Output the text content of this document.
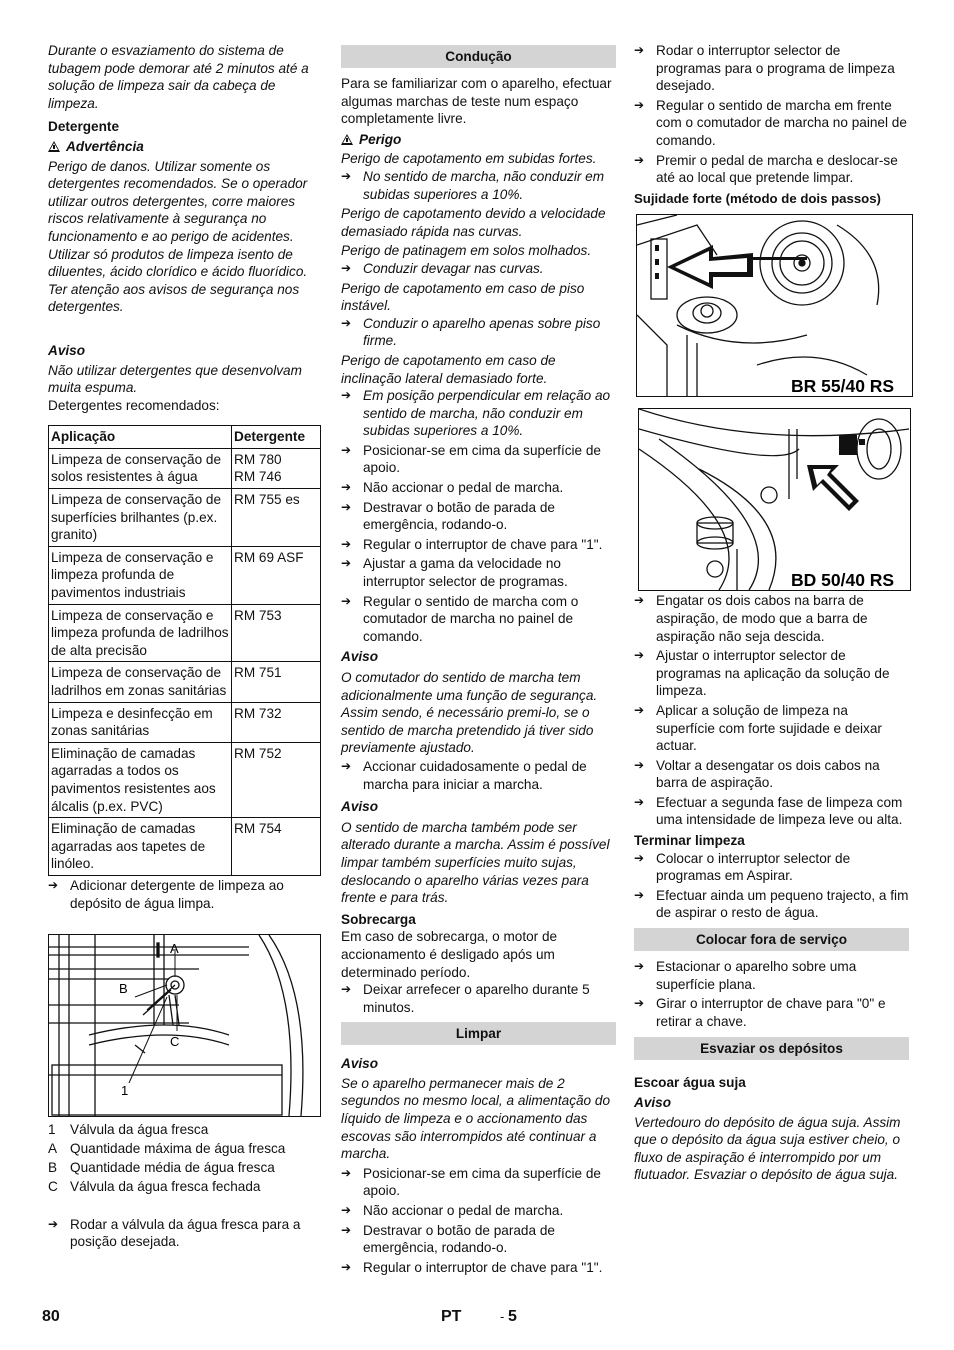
Durante o esvaziamento do sistema de tubagem pode demorar até 2 minutos até a solução de limpeza sair da cabeça de limpeza.

Detergente

Advertência

Perigo de danos. Utilizar somente os detergentes recomendados. Se o operador utilizar outros detergentes, corre maiores riscos relativamente à segurança no funcionamento e ao perigo de acidentes. Utilizar só produtos de limpeza isento de diluentes, ácido clorídico e ácido fluorídico. Ter atenção aos avisos de segurança nos detergentes.

Aviso

Não utilizar detergentes que desenvolvam muita espuma.

Detergentes recomendados:

Aplicação	Detergente
Limpeza de conservação de solos resistentes à água	RM 780
RM 746
Limpeza de conservação de superfícies brilhantes (p.ex. granito)	RM 755 es
Limpeza de conservação e limpeza profunda de pavimentos industriais	RM 69 ASF
Limpeza de conservação e limpeza profunda de ladrilhos de alta precisão	RM 753
Limpeza de conservação de ladrilhos em zonas sanitárias	RM 751
Limpeza e desinfecção em zonas sanitárias	RM 732
Eliminação de camadas agarradas a todos os pavimentos resistentes aos álcalis (p.ex. PVC)	RM 752
Eliminação de camadas agarradas aos tapetes de linóleo.	RM 754

➔ Adicionar detergente de limpeza ao depósito de água limpa.

A
B
C
1
1	Válvula da água fresca
A Quantidade máxima de água fresca
B Quantidade média de água fresca
C Válvula da água fresca fechada

➔ Rodar a válvula da água fresca para a posição desejada.

Condução

Para se familiarizar com o aparelho, efectuar algumas marchas de teste num espaço completamente livre.

Perigo

Perigo de capotamento em subidas fortes.

➔ No sentido de marcha, não conduzir em subidas superiores a 10%.

Perigo de capotamento devido a velocidade demasiado rápida nas curvas.

Perigo de patinagem em solos molhados.

➔ Conduzir devagar nas curvas.

Perigo de capotamento em caso de piso instável.

➔ Conduzir o aparelho apenas sobre piso firme.

Perigo de capotamento em caso de inclinação lateral demasiado forte.

➔ Em posição perpendicular em relação ao sentido de marcha, não conduzir em subidas superiores a 10%.

➔ Posicionar-se em cima da superfície de apoio.

➔ Não accionar o pedal de marcha.

➔ Destravar o botão de parada de emergência, rodando-o.

➔ Regular o interruptor de chave para "1".

➔ Ajustar a gama da velocidade no interruptor selector de programas.

➔ Regular o sentido de marcha com o comutador de marcha no painel de comando.

Aviso

O comutador do sentido de marcha tem adicionalmente uma função de segurança. Assim sendo, é necessário premi-lo, se o sentido de marcha pretendido já tiver sido previamente ajustado.

➔ Accionar cuidadosamente o pedal de marcha para iniciar a marcha.

Aviso

O sentido de marcha também pode ser alterado durante a marcha. Assim é possível limpar também superfícies muito sujas, deslocando o aparelho várias vezes para frente e para trás.

Sobrecarga

Em caso de sobrecarga, o motor de accionamento é desligado após um determinado período.

➔ Deixar arrefecer o aparelho durante 5 minutos.

Limpar

Aviso

Se o aparelho permanecer mais de 2 segundos no mesmo local, a alimentação do líquido de limpeza e o accionamento das escovas são interrompidos até continuar a marcha.

➔ Posicionar-se em cima da superfície de apoio.

➔ Não accionar o pedal de marcha.

➔ Destravar o botão de parada de emergência, rodando-o.

➔ Regular o interruptor de chave para "1".

➔ Rodar o interruptor selector de programas para o programa de limpeza desejado.

➔ Regular o sentido de marcha em frente com o comutador de marcha no painel de comando.

➔ Premir o pedal de marcha e deslocar-se até ao local que pretende limpar.

Sujidade forte (método de dois passos)

BR 55/40 RS
BD 50/40 RS

➔ Engatar os dois cabos na barra de aspiração, de modo que a barra de aspiração não seja descida.

➔ Ajustar o interruptor selector de programas na aplicação da solução de limpeza.

➔ Aplicar a solução de limpeza na superfície com forte sujidade e deixar actuar.

➔ Voltar a desengatar os dois cabos na barra de aspiração.

➔ Efectuar a segunda fase de limpeza com uma intensidade de limpeza leve ou alta.

Terminar limpeza

➔ Colocar o interruptor selector de programas em Aspirar.

➔ Efectuar ainda um pequeno trajecto, a fim de aspirar o resto de água.

Colocar fora de serviço

➔ Estacionar o aparelho sobre uma superfície plana.

➔ Girar o interruptor de chave para "0" e retirar a chave.

Esvaziar os depósitos

Escoar água suja

Aviso

Vertedouro do depósito de água suja. Assim que o depósito da água suja estiver cheio, o fluxo de aspiração é interrompido por um flutuador. Esvaziar o depósito de água suja.

80	PT	- 5
